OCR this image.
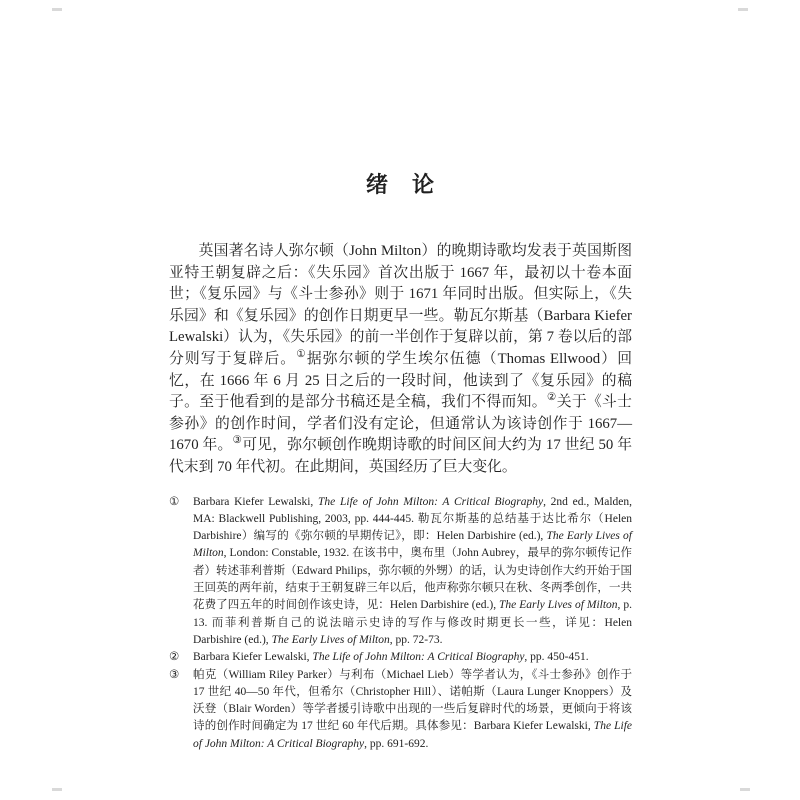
绪　论

英国著名诗人弥尔顿（John Milton）的晚期诗歌均发表于英国斯图亚特王朝复辟之后：《失乐园》首次出版于 1667 年，最初以十卷本面世；《复乐园》与《斗士参孙》则于 1671 年同时出版。但实际上，《失乐园》和《复乐园》的创作日期更早一些。勒瓦尔斯基（Barbara Kiefer Lewalski）认为，《失乐园》的前一半创作于复辟以前，第 7 卷以后的部分则写于复辟后。①据弥尔顿的学生埃尔伍德（Thomas Ellwood）回忆，在 1666 年 6 月 25 日之后的一段时间，他读到了《复乐园》的稿子。至于他看到的是部分书稿还是全稿，我们不得而知。②关于《斗士参孙》的创作时间，学者们没有定论，但通常认为该诗创作于 1667—1670 年。③可见，弥尔顿创作晚期诗歌的时间区间大约为 17 世纪 50 年代末到 70 年代初。在此期间，英国经历了巨大变化。

① Barbara Kiefer Lewalski, The Life of John Milton: A Critical Biography, 2nd ed., Malden, MA: Blackwell Publishing, 2003, pp. 444-445. 勒瓦尔斯基的总结基于达比希尔（Helen Darbishire）编写的《弥尔顿的早期传记》，即：Helen Darbishire (ed.), The Early Lives of Milton, London: Constable, 1932. 在该书中，奥布里（John Aubrey，最早的弥尔顿传记作者）转述菲利普斯（Edward Philips，弥尔顿的外甥）的话，认为史诗创作大约开始于国王回英的两年前，结束于王朝复辟三年以后，他声称弥尔顿只在秋、冬两季创作，一共花费了四五年的时间创作该史诗，见：Helen Darbishire (ed.), The Early Lives of Milton, p. 13. 而菲利普斯自己的说法暗示史诗的写作与修改时期更长一些，详见：Helen Darbishire (ed.), The Early Lives of Milton, pp. 72-73.
② Barbara Kiefer Lewalski, The Life of John Milton: A Critical Biography, pp. 450-451.
③ 帕克（William Riley Parker）与利布（Michael Lieb）等学者认为，《斗士参孙》创作于 17 世纪 40—50 年代，但希尔（Christopher Hill）、诺帕斯（Laura Lunger Knoppers）及沃登（Blair Worden）等学者援引诗歌中出现的一些后复辟时代的场景，更倾向于将该诗的创作时间确定为 17 世纪 60 年代后期。具体参见：Barbara Kiefer Lewalski, The Life of John Milton: A Critical Biography, pp. 691-692.
